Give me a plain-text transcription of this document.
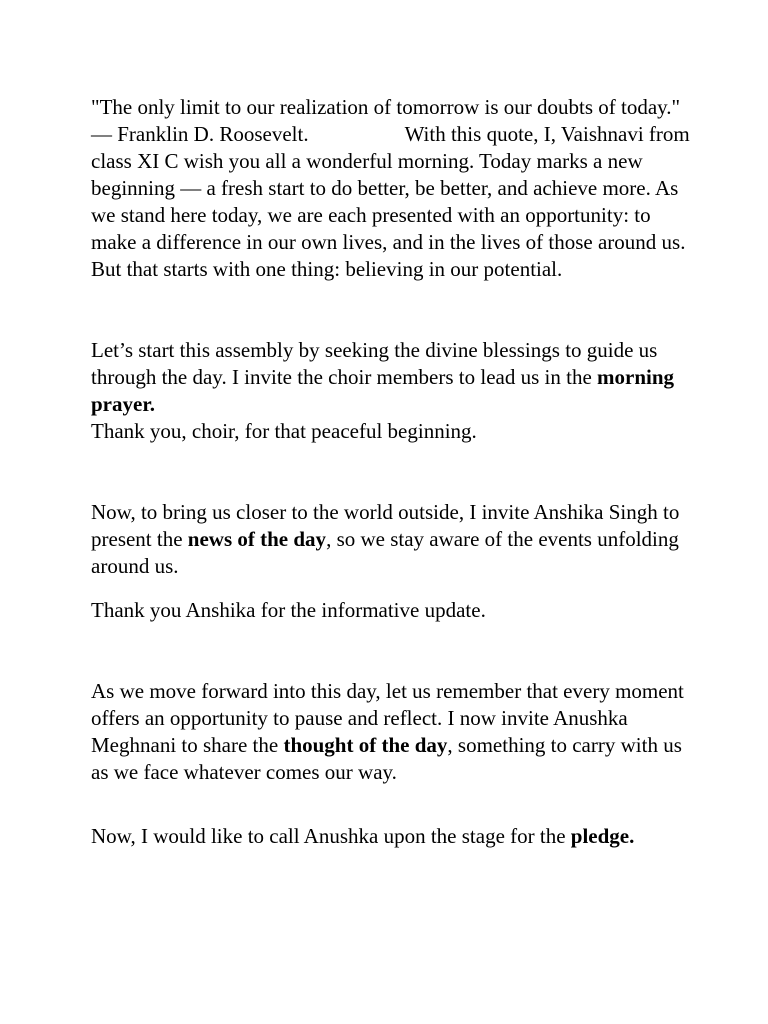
"The only limit to our realization of tomorrow is our doubts of today." — Franklin D. Roosevelt.	With this quote, I, Vaishnavi from class XI C wish you all a wonderful morning. Today marks a new beginning — a fresh start to do better, be better, and achieve more. As we stand here today, we are each presented with an opportunity: to make a difference in our own lives, and in the lives of those around us. But that starts with one thing: believing in our potential.

Let’s start this assembly by seeking the divine blessings to guide us through the day. I invite the choir members to lead us in the morning prayer.

Thank you, choir, for that peaceful beginning.

Now, to bring us closer to the world outside, I invite Anshika Singh to present the news of the day, so we stay aware of the events unfolding around us.

Thank you Anshika for the informative update.

As we move forward into this day, let us remember that every moment offers an opportunity to pause and reflect. I now invite Anushka Meghnani to share the thought of the day, something to carry with us as we face whatever comes our way.

Now, I would like to call Anushka upon the stage for the pledge.
